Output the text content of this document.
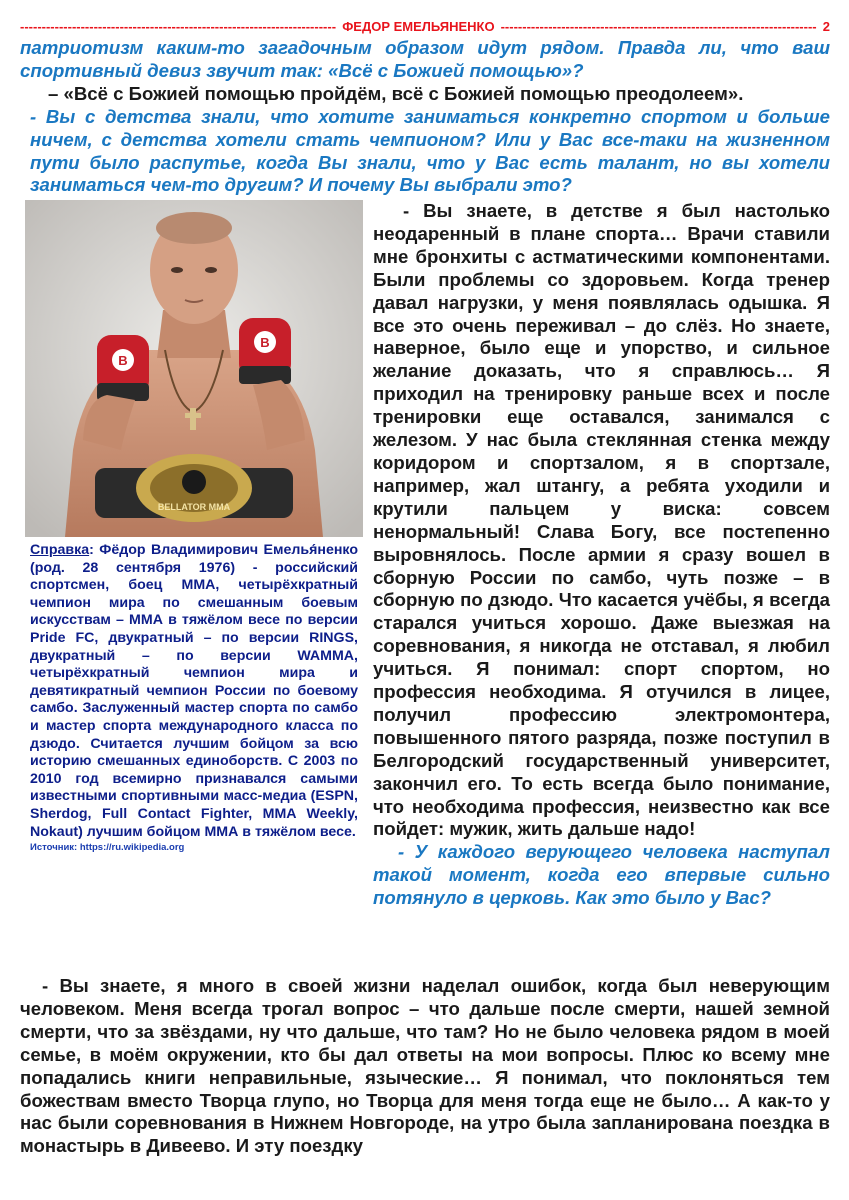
-----
ФЕДОР ЕМЕЛЬЯНЕНКО
-----	2

патриотизм каким-то загадочным образом идут рядом. Правда ли, что ваш спортивный девиз звучит так: «Всё с Божией помощью»?

– «Всё с Божией помощью пройдём, всё с Божией помощью преодолеем».

- Вы с детства знали, что хотите заниматься конкретно спортом и больше ничем, с детства хотели стать чемпионом? Или у Вас все-таки на жизненном пути было распутье, когда Вы знали, что у Вас есть талант, но вы хотели заниматься чем-то другим? И почему Вы выбрали это?

B
B
BELLATOR MMA
Справка: Фёдор Владимирович Емелья́ненко (род. 28 сентября 1976) - российский спортсмен, боец ММА, четырёхкратный чемпион мира по смешанным боевым искусствам – ММА в тяжёлом весе по версии Pride FC, двукратный – по версии RINGS, двукратный – по версии WAMMA, четырёхкратный чемпион мира и девятикратный чемпион России по боевому самбо. Заслуженный мастер спорта по самбо и мастер спорта международного класса по дзюдо. Считается лучшим бойцом за всю историю смешанных единоборств. С 2003 по 2010 год всемирно признавался самыми известными спортивными масс-медиа (ESPN, Sherdog, Full Contact Fighter, MMA Weekly, Nokaut) лучшим бойцом ММА в тяжёлом весе.
Источник: https://ru.wikipedia.org

- Вы знаете, в детстве я был настолько неодаренный в плане спорта… Врачи ставили мне бронхиты с астматическими компонентами. Были проблемы со здоровьем. Когда тренер давал нагрузки, у меня появлялась одышка. Я все это очень переживал – до слёз. Но знаете, наверное, было еще и упорство, и сильное желание доказать, что я справлюсь… Я приходил на тренировку раньше всех и после тренировки еще оставался, занимался с железом. У нас была стеклянная стенка между коридором и спортзалом, я в спортзале, например, жал штангу, а ребята уходили и крутили пальцем у виска: совсем ненормальный! Слава Богу, все постепенно выровнялось. После армии я сразу вошел в сборную России по самбо, чуть позже – в сборную по дзюдо. Что касается учёбы, я всегда старался учиться хорошо. Даже выезжая на соревнования, я никогда не отставал, я любил учиться. Я понимал: спорт спортом, но профессия необходима. Я отучился в лицее, получил профессию электромонтера, повышенного пятого разряда, позже поступил в Белгородский государственный университет, закончил его. То есть всегда было понимание, что необходима профессия, неизвестно как все пойдет: мужик, жить дальше надо!

- У каждого верующего человека наступал такой момент, когда его впервые сильно потянуло в церковь. Как это было у Вас?

- Вы знаете, я много в своей жизни наделал ошибок, когда был неверующим человеком. Меня всегда трогал вопрос – что дальше после смерти, нашей земной смерти, что за звёздами, ну что дальше, что там? Но не было человека рядом в моей семье, в моём окружении, кто бы дал ответы на мои вопросы. Плюс ко всему мне попадались книги неправильные, языческие… Я понимал, что поклоняться тем божествам вместо Творца глупо, но Творца для меня тогда еще не было… А как-то у нас были соревнования в Нижнем Новгороде, на утро была запланирована поездка в монастырь в Дивеево. И эту поездку
